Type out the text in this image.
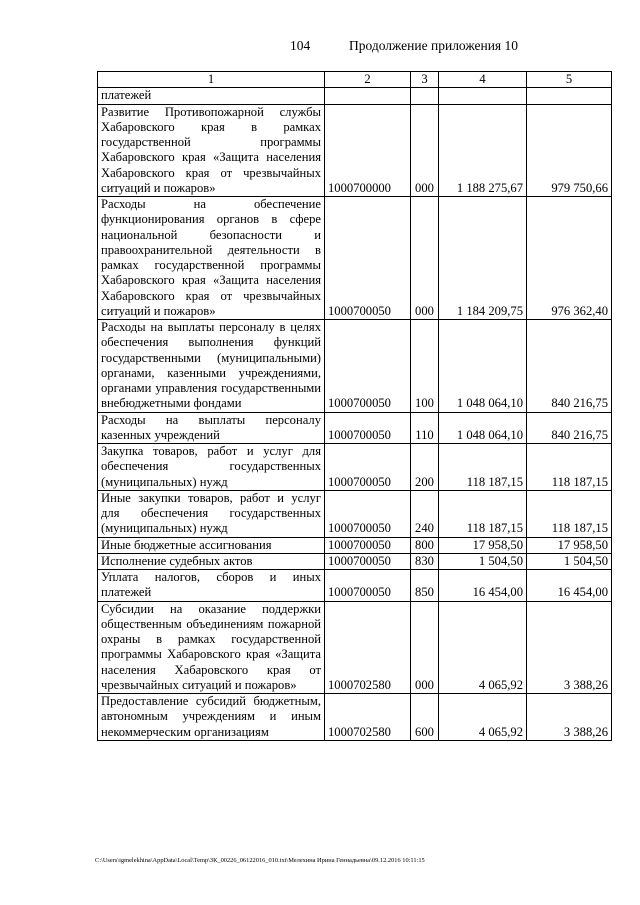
104	Продолжение приложения 10
1	2	3	4	5
платежей				
Развитие Противопожарной службы Хабаровского края в рамках государственной программы Хабаровского края «Защита населения Хабаровского края от чрезвычайных ситуаций и пожаров»	1000700000	000	1 188 275,67	979 750,66
Расходы на обеспечение функционирования органов в сфере национальной безопасности и правоохранительной деятельности в рамках государственной программы Хабаровского края «Защита населения Хабаровского края от чрезвычайных ситуаций и пожаров»	1000700050	000	1 184 209,75	976 362,40
Расходы на выплаты персоналу в целях обеспечения выполнения функций государственными (муниципальными) органами, казенными учреждениями, органами управления государственными внебюджетными фондами	1000700050	100	1 048 064,10	840 216,75
Расходы на выплаты персоналу казенных учреждений	1000700050	110	1 048 064,10	840 216,75
Закупка товаров, работ и услуг для обеспечения государственных (муниципальных) нужд	1000700050	200	118 187,15	118 187,15
Иные закупки товаров, работ и услуг для обеспечения государственных (муниципальных) нужд	1000700050	240	118 187,15	118 187,15
Иные бюджетные ассигнования	1000700050	800	17 958,50	17 958,50
Исполнение судебных актов	1000700050	830	1 504,50	1 504,50
Уплата налогов, сборов и иных платежей	1000700050	850	16 454,00	16 454,00
Субсидии на оказание поддержки общественным объединениям пожарной охраны в рамках государственной программы Хабаровского края «Защита населения Хабаровского края от чрезвычайных ситуаций и пожаров»	1000702580	000	4 065,92	3 388,26
Предоставление субсидий бюджетным, автономным учреждениям и иным некоммерческим организациям	1000702580	600	4 065,92	3 388,26
C:\Users\igmelekhina\AppData\Local\Temp\ЗК_00226_06122016_010.txt\Мелехина Ирина Геннадьевна\09.12.2016 10:11:15
